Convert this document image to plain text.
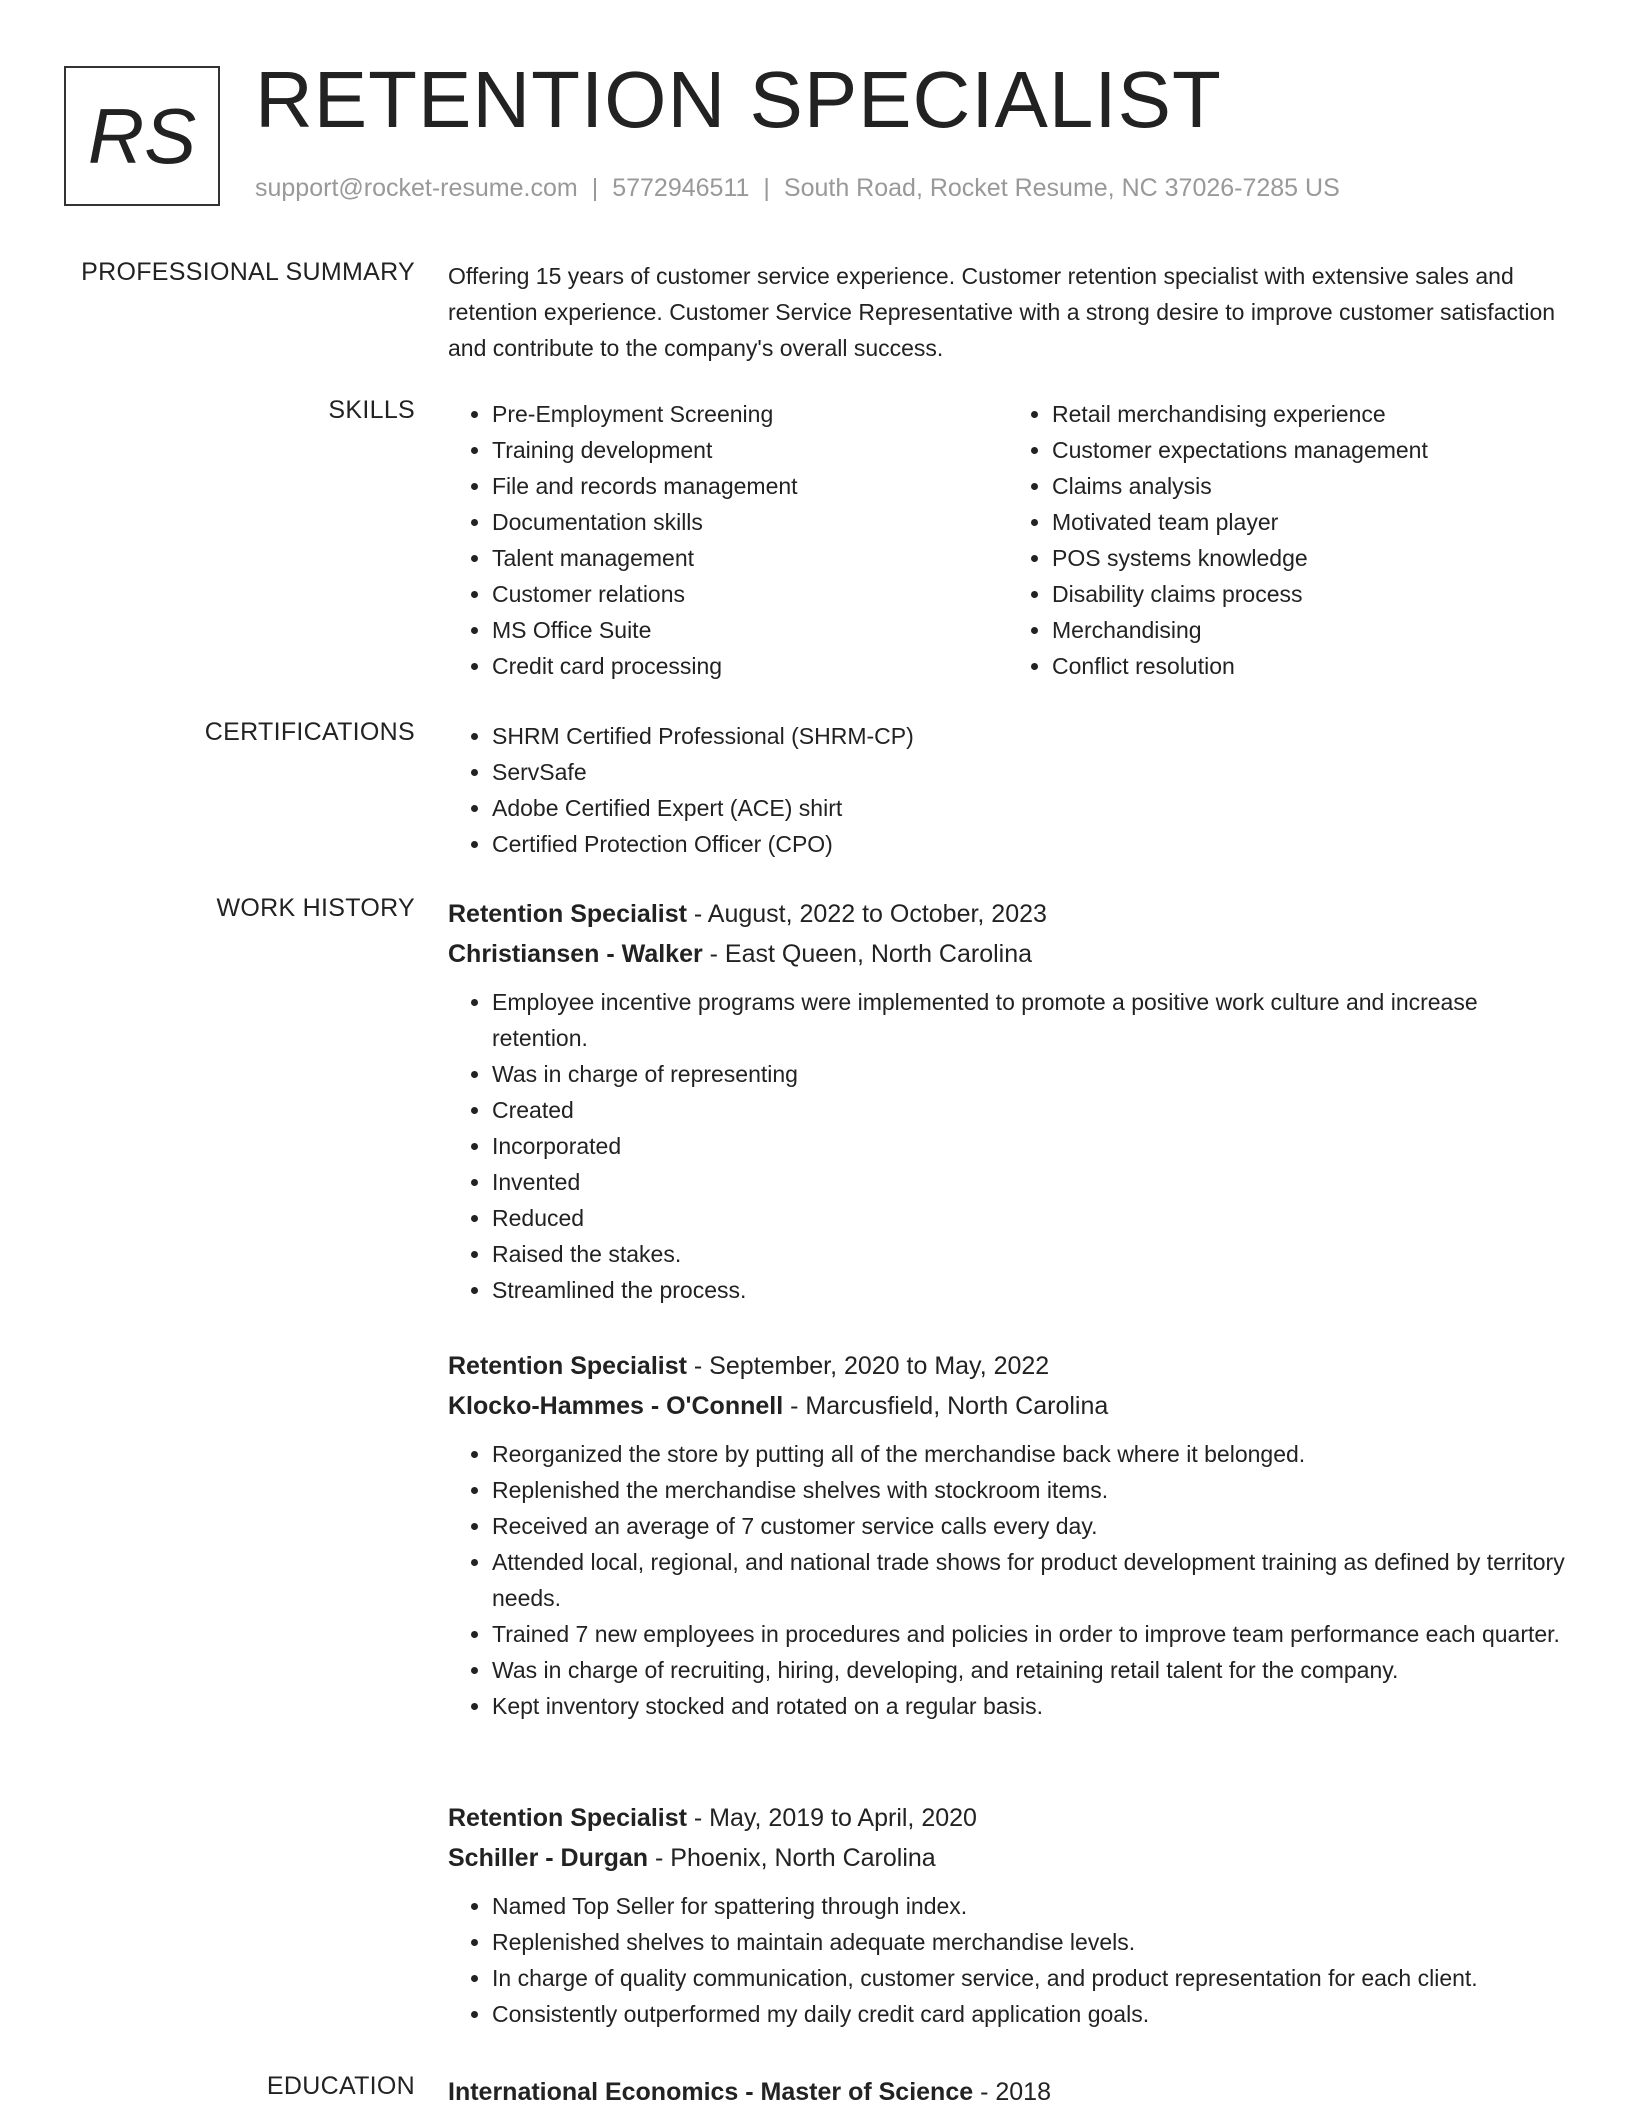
RS RETENTION SPECIALIST
support@rocket-resume.com | 5772946511 | South Road, Rocket Resume, NC 37026-7285 US
PROFESSIONAL SUMMARY Offering 15 years of customer service experience. Customer retention specialist with extensive sales and retention experience. Customer Service Representative with a strong desire to improve customer satisfaction and contribute to the company's overall success.

SKILLS	• Pre-Employment Screening
• Training development
• File and records management
• Documentation skills
• Talent management
• Customer relations
• MS Office Suite
• Credit card processing
• Retail merchandising experience
• Customer expectations management
• Claims analysis
• Motivated team player
• POS systems knowledge
• Disability claims process
• Merchandising
• Conflict resolution
CERTIFICATIONS	• SHRM Certified Professional (SHRM-CP)
• ServSafe
• Adobe Certified Expert (ACE) shirt
• Certified Protection Officer (CPO)
WORK HISTORY Retention Specialist - August, 2022 to October, 2023
Christiansen - Walker - East Queen, North Carolina
• Employee incentive programs were implemented to promote a positive work culture and increase retention.
• Was in charge of representing
• Created
• Incorporated
• Invented
• Reduced
• Raised the stakes.
• Streamlined the process.
Retention Specialist - September, 2020 to May, 2022
Klocko-Hammes - O'Connell - Marcusfield, North Carolina
• Reorganized the store by putting all of the merchandise back where it belonged.
• Replenished the merchandise shelves with stockroom items.
• Received an average of 7 customer service calls every day.
• Attended local, regional, and national trade shows for product development training as defined by territory needs.
• Trained 7 new employees in procedures and policies in order to improve team performance each quarter.
• Was in charge of recruiting, hiring, developing, and retaining retail talent for the company.
• Kept inventory stocked and rotated on a regular basis.
Retention Specialist - May, 2019 to April, 2020
Schiller - Durgan - Phoenix, North Carolina
• Named Top Seller for spattering through index.
• Replenished shelves to maintain adequate merchandise levels.
• In charge of quality communication, customer service, and product representation for each client.
• Consistently outperformed my daily credit card application goals.
EDUCATION International Economics - Master of Science - 2018
